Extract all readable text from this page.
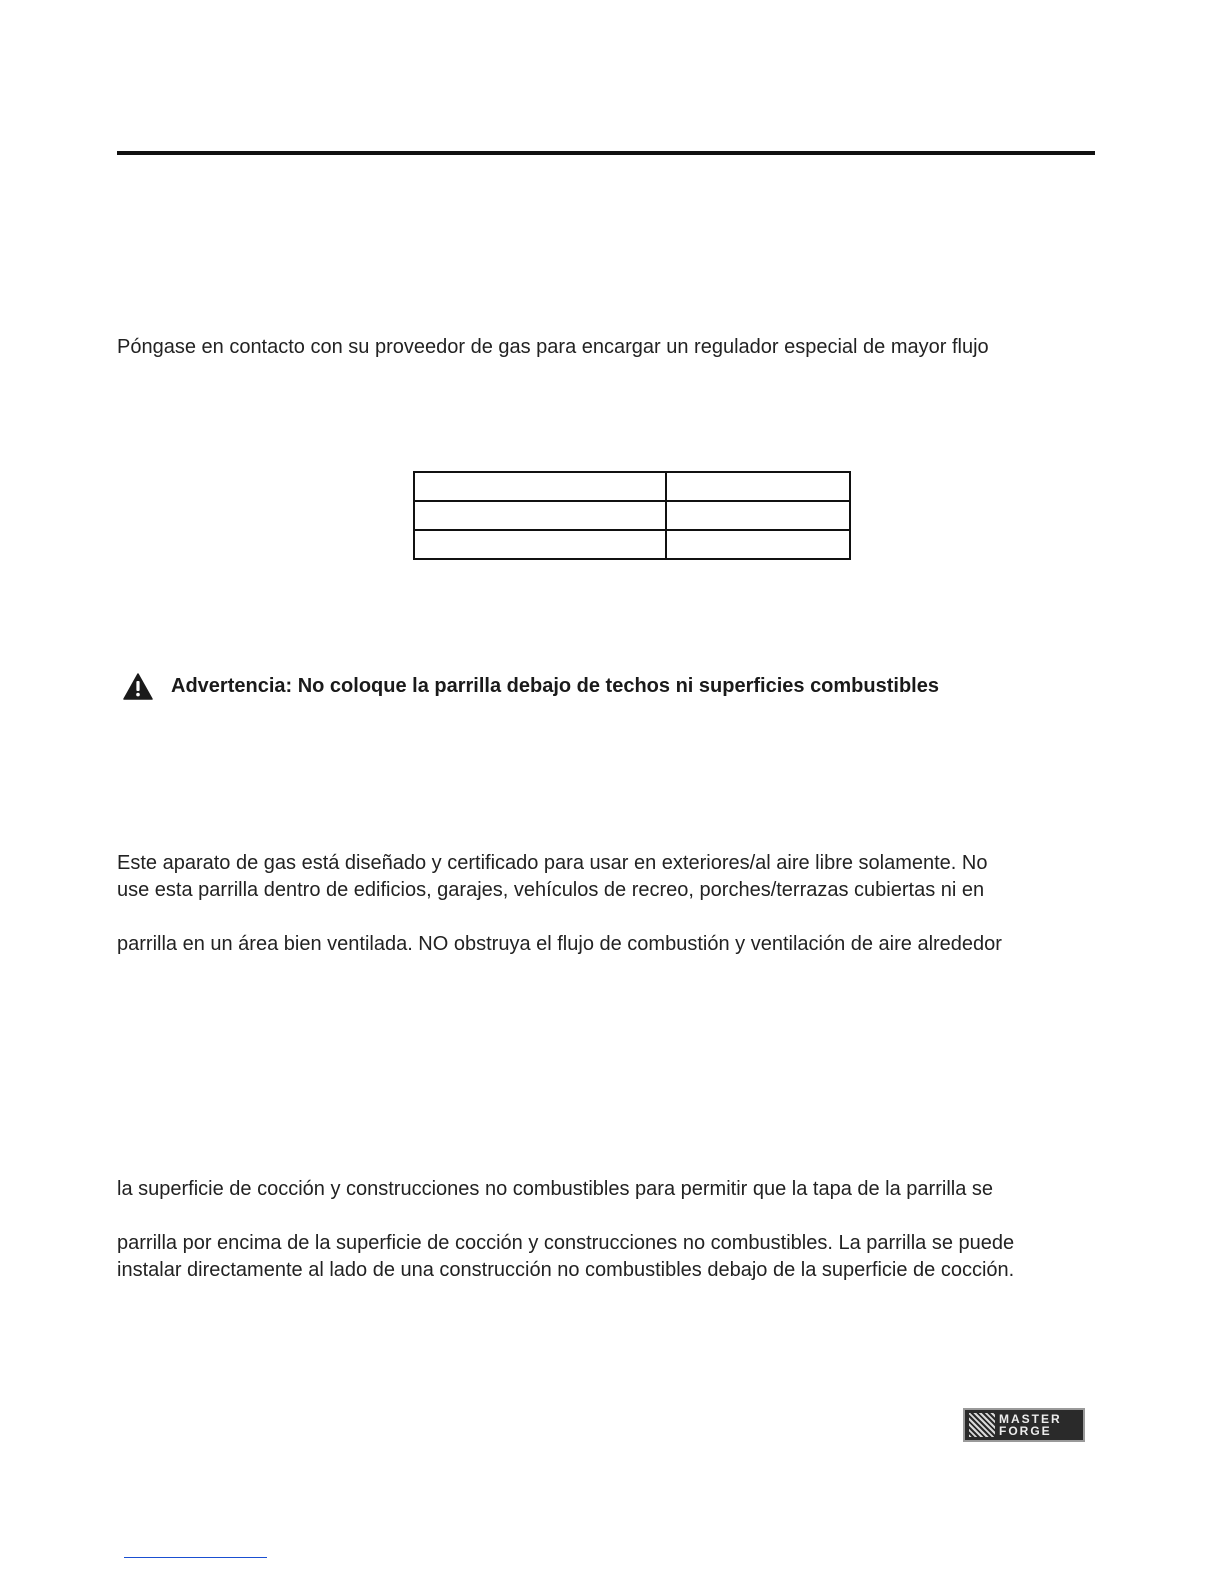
Póngase en contacto con su proveedor de gas para encargar un regulador especial de mayor flujo

Advertencia: No coloque la parrilla debajo de techos ni superficies combustibles
Este aparato de gas está diseñado y certificado para usar en exteriores/al aire libre solamente. No
use esta parrilla dentro de edificios, garajes, vehículos de recreo, porches/terrazas cubiertas ni en
parrilla en un área bien ventilada. NO obstruya el flujo de combustión y ventilación de aire alrededor
la superficie de cocción y construcciones no combustibles para permitir que la tapa de la parrilla se
parrilla por encima de la superficie de cocción y construcciones no combustibles. La parrilla se puede
instalar directamente al lado de una construcción no combustibles debajo de la superficie de cocción.
MASTER
FORGE
